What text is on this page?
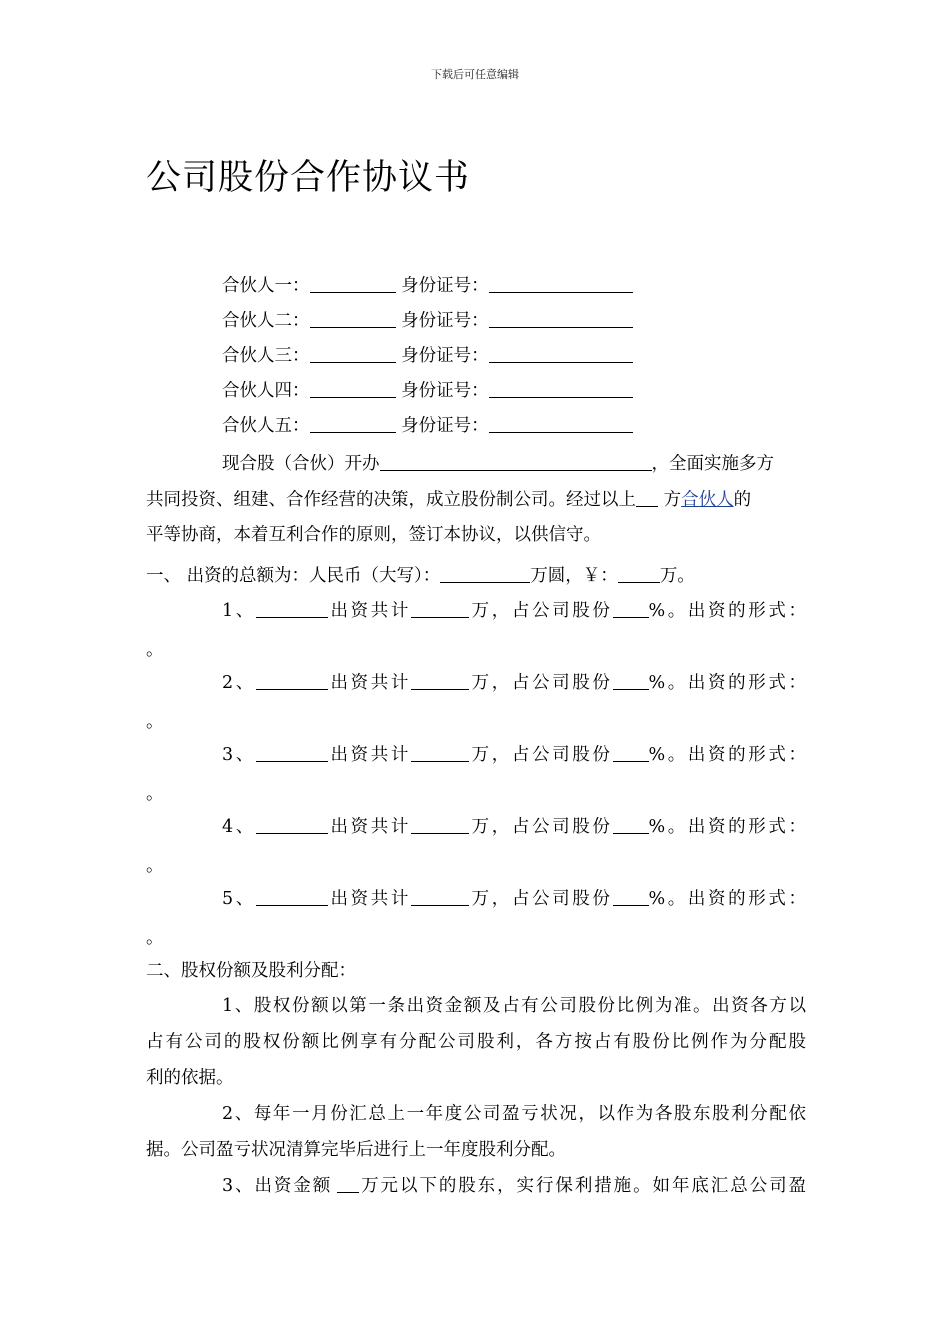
下载后可任意编辑
公司股份合作协议书
合伙人一：	身份证号：
合伙人二：	身份证号：
合伙人三：	身份证号：
合伙人四：	身份证号：
合伙人五：	身份证号：
现合股（合伙）开办	，全面实施多方
共同投资、组建、合作经营的决策，成立股份制公司。经过以上 方合伙人的
平等协商，本着互利合作的原则，签订本协议，以供信守。
一、 出资的总额为：人民币（大写）：	万圆，￥： 万。
1、	出资共计	万，占公司股份 %。出资的形式：
。
2、	出资共计	万，占公司股份 %。出资的形式：
。
3、	出资共计	万，占公司股份 %。出资的形式：
。
4、	出资共计	万，占公司股份 %。出资的形式：
。
5、	出资共计	万，占公司股份 %。出资的形式：
。
二、股权份额及股利分配：
1、股权份额以第一条出资金额及占有公司股份比例为准。出资各方以
占有公司的股权份额比例享有分配公司股利，各方按占有股份比例作为分配股
利的依据。
2、每年一月份汇总上一年度公司盈亏状况，以作为各股东股利分配依
据。公司盈亏状况清算完毕后进行上一年度股利分配。
3、出资金额 万元以下的股东，实行保利措施。如年底汇总公司盈
